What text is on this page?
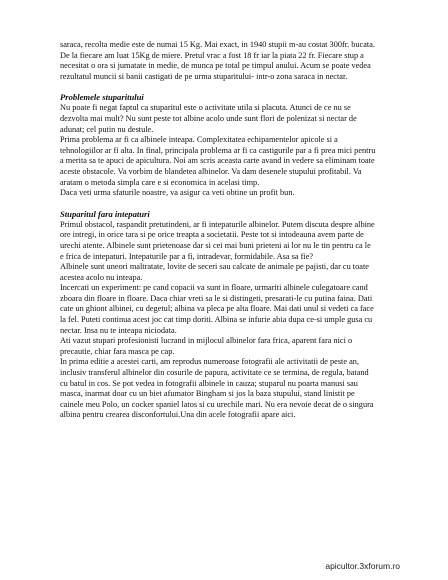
saraca, recolta medie este de numai 15 Kg. Mai exact, in 1940 stupii m-au costat 300fr. bucata.
De la fiecare am luat 15Kg de miere. Pretul vrac a fost 18 fr iar la piata 22 fr. Fiecare stup a
necesitat o ora si jumatate in medie, de munca pe total pe timpul anului. Acum se poate vedea
rezultatul muncii si banii castigati de pe urma stuparitului- intr-o zona saraca in nectar.

Problemele stuparitului

Nu poate fi negat faptul ca stuparitul este o activitate utila si placuta. Atunci de ce nu se
dezvolta mai mult? Nu sunt peste tot albine acolo unde sunt flori de polenizat si nectar de
adunat; cel putin nu destule.
Prima problema ar fi ca albinele inteapa. Complexitatea echipamentelor apicole si a
tehnologiilor ar fi alta. In final, principala problema ar fi ca castigurile par a fi prea mici pentru
a merita sa te apuci de apicultura. Noi am scris aceasta carte avand in vedere sa eliminam toate
aceste obstacole. Va vorbim de blandetea albinelor. Va dam desenele stupului profitabil. Va
aratam o metoda simpla care e si economica in acelasi timp.
Daca veti urma sfaturile noastre, va asigur ca veti obtine un profit bun.

Stuparitul fara intepaturi

Primul obstacol, raspandit pretutindeni, ar fi intepaturile albinelor. Putem discuta despre albine
ore intregi, in orice tara si pe orice treapta a societatii. Peste tot si intodeauna avem parte de
urechi atente. Albinele sunt prietenoase dar si cei mai buni prieteni ai lor nu le tin pentru ca le
e frica de intepaturi. Intepaturile par a fi, intradevar, formidabile. Asa sa fie?
Albinele sunt uneori maltratate, lovite de seceri sau calcate de animale pe pajisti, dar cu toate
acestea acolo nu inteapa.
Incercati un experiment: pe cand copacii va sunt in floare, urmariti albinele culegatoare cand
zboara din floare in floare. Daca chiar vreti sa le si distingeti, presarati-le cu putina faina. Dati
cate un ghiont albinei, cu degetul; albina va pleca pe alta floare. Mai dati unul si vedeti ca face
la fel. Puteti continua acest joc cat timp doriti. Albina se infurie abia dupa ce-si umple gusa cu
nectar. Insa nu te inteapa niciodata.
Ati vazut stupari profesionisti lucrand in mijlocul albinelor fara frica, aparent fara nici o
precautie, chiar fara masca pe cap.
In prima editie a acestei carti, am reprodus numeroase fotografii ale activitatii de peste an,
inclusiv transferul albinelor din cosurile de papura, activitate ce se termina, de regula, batand
cu batul in cos. Se pot vedea in fotografii albinele in cauza; stuparul nu poarta manusi sau
masca, inarmat doar cu un biet afumator Bingham si jos la baza stupului, stand linistit pe
cainele meu Polo, un cocker spaniel latos si cu urechile mari. Nu era nevoie decat de o singura
albina pentru crearea disconfortului.Una din acele fotografii apare aici.

apicultor.3xforum.ro
